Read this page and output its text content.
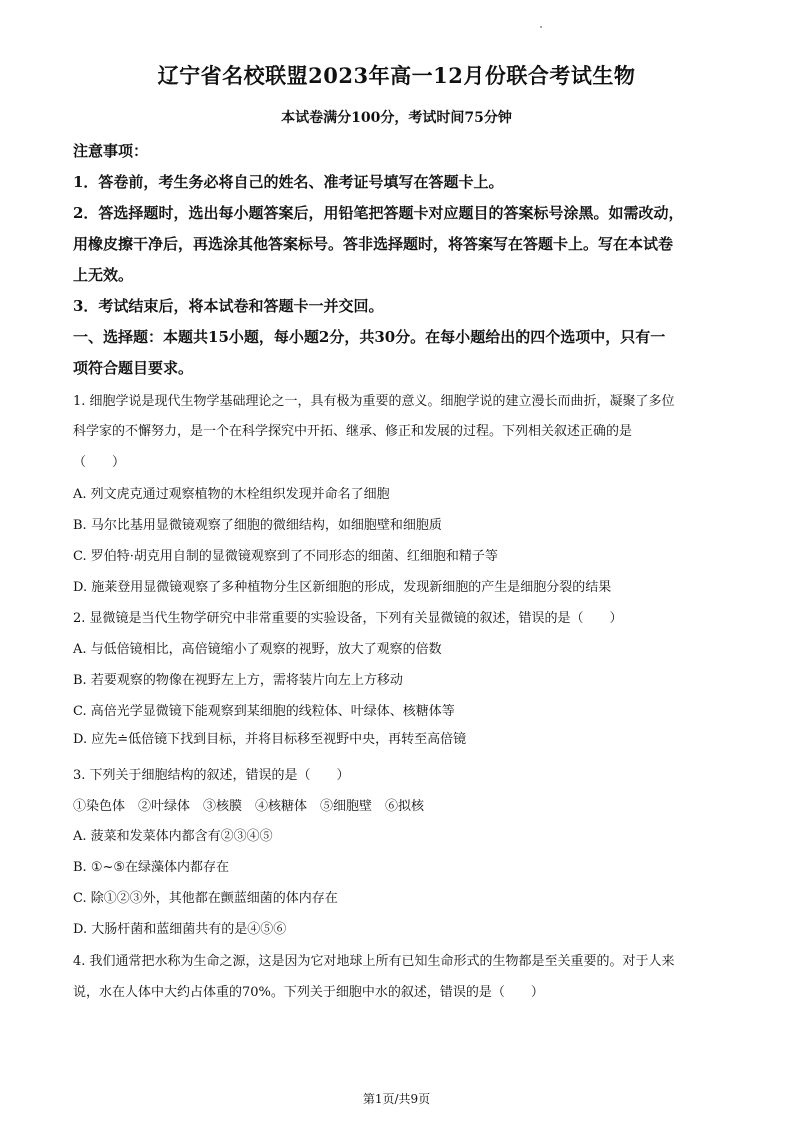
辽宁省名校联盟2023年高一12月份联合考试生物
本试卷满分100分，考试时间75分钟
注意事项：
1．答卷前，考生务必将自己的姓名、准考证号填写在答题卡上。
2．答选择题时，选出每小题答案后，用铅笔把答题卡对应题目的答案标号涂黑。如需改动，
用橡皮擦干净后，再选涂其他答案标号。答非选择题时，将答案写在答题卡上。写在本试卷
上无效。
3．考试结束后，将本试卷和答题卡一并交回。
一、选择题：本题共15小题，每小题2分，共30分。在每小题给出的四个选项中，只有一
项符合题目要求。
1. 细胞学说是现代生物学基础理论之一，具有极为重要的意义。细胞学说的建立漫长而曲折，凝聚了多位
科学家的不懈努力，是一个在科学探究中开拓、继承、修正和发展的过程。下列相关叙述正确的是
（　　）
A. 列文虎克通过观察植物的木栓组织发现并命名了细胞
B. 马尔比基用显微镜观察了细胞的微细结构，如细胞壁和细胞质
C. 罗伯特·胡克用自制的显微镜观察到了不同形态的细菌、红细胞和精子等
D. 施莱登用显微镜观察了多种植物分生区新细胞的形成，发现新细胞的产生是细胞分裂的结果
2. 显微镜是当代生物学研究中非常重要的实验设备，下列有关显微镜的叙述，错误的是（　　）
A. 与低倍镜相比，高倍镜缩小了观察的视野，放大了观察的倍数
B. 若要观察的物像在视野左上方，需将装片向左上方移动
C. 高倍光学显微镜下能观察到某细胞的线粒体、叶绿体、核糖体等
D. 应先≐低倍镜下找到目标，并将目标移至视野中央，再转至高倍镜
3. 下列关于细胞结构的叙述，错误的是（　　）
①染色体　②叶绿体　③核膜　④核糖体　⑤细胞壁　⑥拟核
A. 菠菜和发菜体内都含有②③④⑤
B. ①~⑤在绿藻体内都存在
C. 除①②③外，其他都在颤蓝细菌的体内存在
D. 大肠杆菌和蓝细菌共有的是④⑤⑥
4. 我们通常把水称为生命之源，这是因为它对地球上所有已知生命形式的生物都是至关重要的。对于人来
说，水在人体中大约占体重的70%。下列关于细胞中水的叙述，错误的是（　　）
第1页/共9页
